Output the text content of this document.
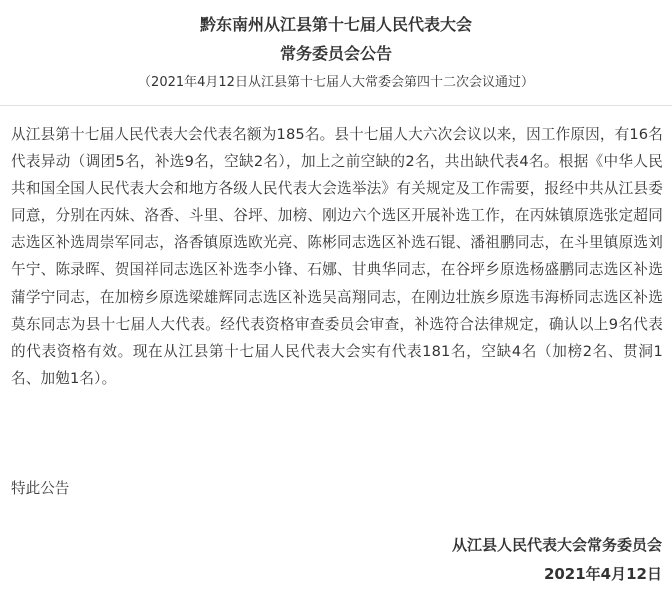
黔东南州从江县第十七届人民代表大会
常务委员会公告
（2021年4月12日从江县第十七届人大常委会第四十二次会议通过）

从江县第十七届人民代表大会代表名额为185名。县十七届人大六次会议以来，因工作原因，有16名代表异动（调团5名，补选9名，空缺2名），加上之前空缺的2名，共出缺代表4名。根据《中华人民共和国全国人民代表大会和地方各级人民代表大会选举法》有关规定及工作需要，报经中共从江县委同意，分别在丙妹、洛香、斗里、谷坪、加榜、刚边六个选区开展补选工作，在丙妹镇原选张定超同志选区补选周崇军同志，洛香镇原选欧光亮、陈彬同志选区补选石锟、潘祖鹏同志，在斗里镇原选刘午宁、陈录晖、贺国祥同志选区补选李小锋、石娜、甘典华同志，在谷坪乡原选杨盛鹏同志选区补选蒲学宁同志，在加榜乡原选梁雄辉同志选区补选吴高翔同志，在刚边壮族乡原选韦海桥同志选区补选莫东同志为县十七届人大代表。经代表资格审查委员会审查，补选符合法律规定，确认以上9名代表的代表资格有效。现在从江县第十七届人民代表大会实有代表181名，空缺4名（加榜2名、贯洞1名、加勉1名）。

特此公告
从江县人民代表大会常务委员会
2021年4月12日
